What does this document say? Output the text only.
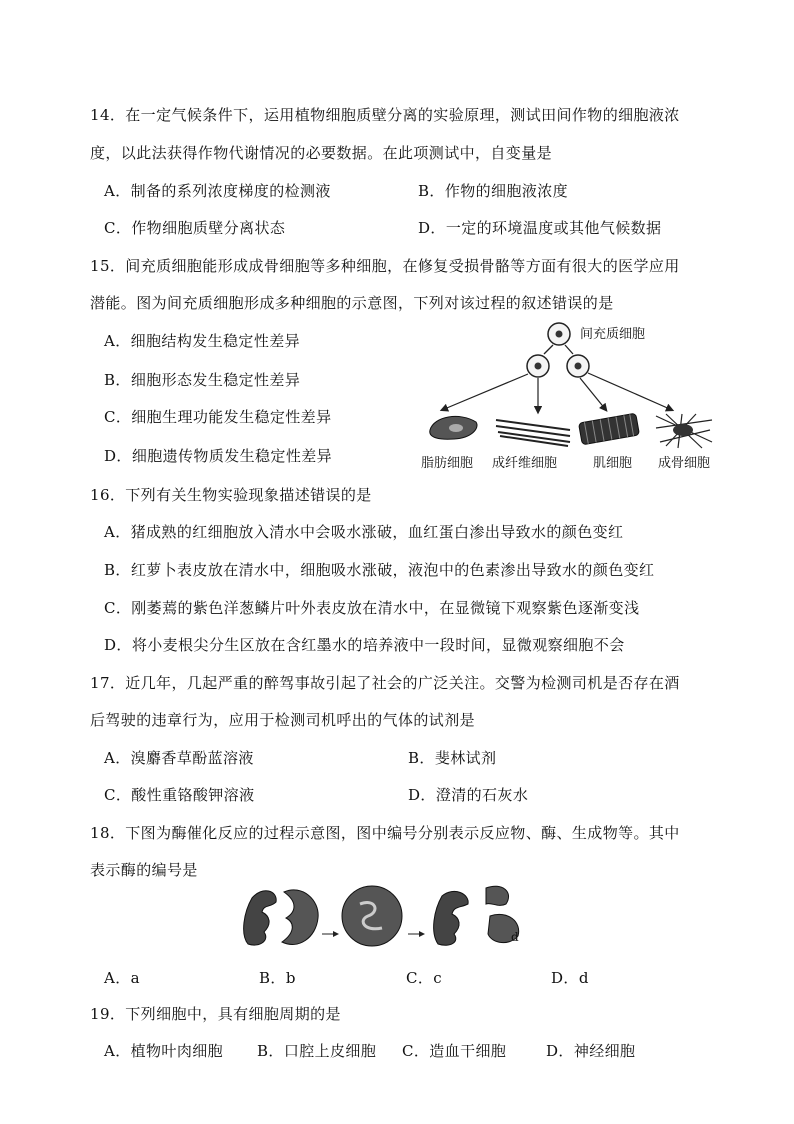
14．在一定气候条件下，运用植物细胞质壁分离的实验原理，测试田间作物的细胞液浓
度，以此法获得作物代谢情况的必要数据。在此项测试中，自变量是
A．制备的系列浓度梯度的检测液	B．作物的细胞液浓度
C．作物细胞质壁分离状态	D．一定的环境温度或其他气候数据
15．间充质细胞能形成成骨细胞等多种细胞，在修复受损骨骼等方面有很大的医学应用
潜能。图为间充质细胞形成多种细胞的示意图，下列对该过程的叙述错误的是
A．细胞结构发生稳定性差异
B．细胞形态发生稳定性差异
C．细胞生理功能发生稳定性差异
D．细胞遗传物质发生稳定性差异
间充质细胞
脂肪细胞 成纤维细胞	肌细胞 成骨细胞
16．下列有关生物实验现象描述错误的是
A．猪成熟的红细胞放入清水中会吸水涨破，血红蛋白渗出导致水的颜色变红
B．红萝卜表皮放在清水中，细胞吸水涨破，液泡中的色素渗出导致水的颜色变红
C．刚萎蔫的紫色洋葱鳞片叶外表皮放在清水中，在显微镜下观察紫色逐渐变浅
D．将小麦根尖分生区放在含红墨水的培养液中一段时间，显微观察细胞不会
17．近几年，几起严重的醉驾事故引起了社会的广泛关注。交警为检测司机是否存在酒
后驾驶的违章行为，应用于检测司机呼出的气体的试剂是
A．溴麝香草酚蓝溶液	B．斐林试剂
C．酸性重铬酸钾溶液	D．澄清的石灰水
18．下图为酶催化反应的过程示意图，图中编号分别表示反应物、酶、生成物等。其中
表示酶的编号是
d
A．a	B．b	C．c	D．d
19．下列细胞中，具有细胞周期的是
A．植物叶肉细胞 B．口腔上皮细胞 C．造血干细胞	D．神经细胞
